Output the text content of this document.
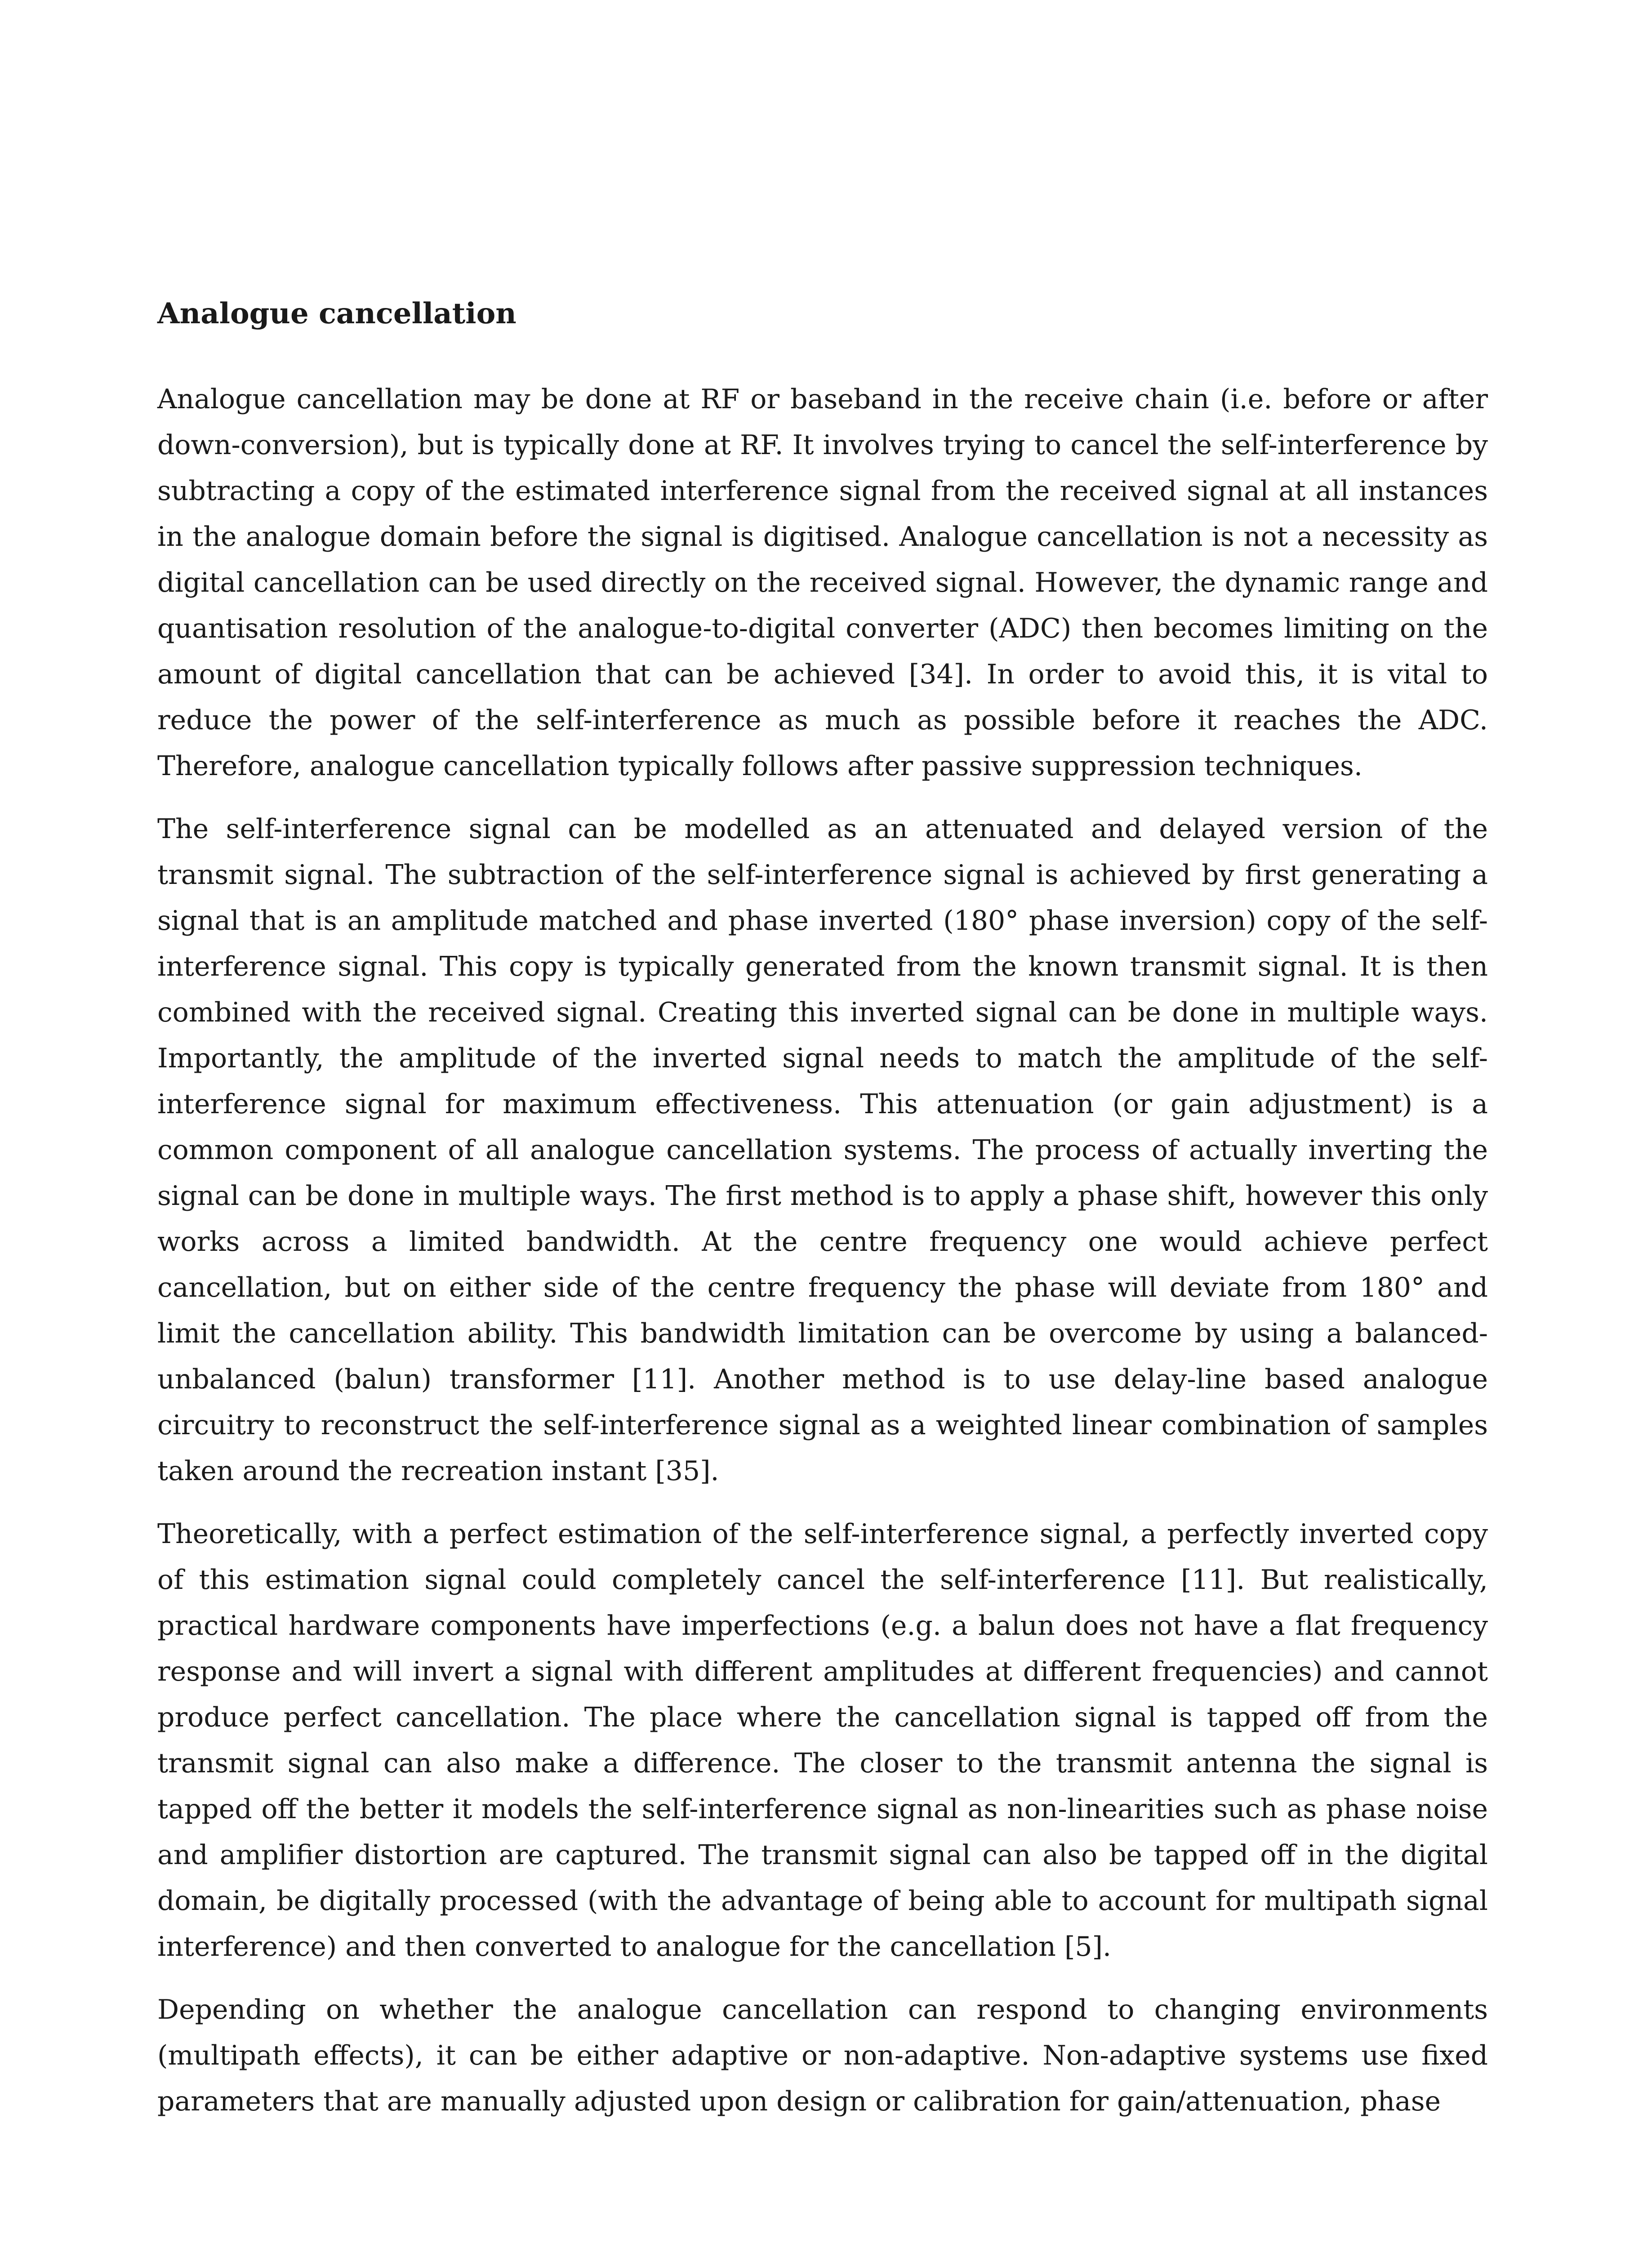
Analogue cancellation

Analogue cancellation may be done at RF or baseband in the receive chain (i.e. before or after down-conversion), but is typically done at RF. It involves trying to cancel the self-interference by subtracting a copy of the estimated interference signal from the received signal at all instances in the analogue domain before the signal is digitised. Analogue cancellation is not a necessity as digital cancellation can be used directly on the received signal. However, the dynamic range and quantisation resolution of the analogue-to-digital converter (ADC) then becomes limiting on the amount of digital cancellation that can be achieved [34]. In order to avoid this, it is vital to reduce the power of the self-interference as much as possible before it reaches the ADC. Therefore, analogue cancellation typically follows after passive suppression techniques.

The self-interference signal can be modelled as an attenuated and delayed version of the transmit signal. The subtraction of the self-interference signal is achieved by first generating a signal that is an amplitude matched and phase inverted (180° phase inversion) copy of the self-interference signal. This copy is typically generated from the known transmit signal. It is then combined with the received signal. Creating this inverted signal can be done in multiple ways. Importantly, the amplitude of the inverted signal needs to match the amplitude of the self-interference signal for maximum effectiveness. This attenuation (or gain adjustment) is a common component of all analogue cancellation systems. The process of actually inverting the signal can be done in multiple ways. The first method is to apply a phase shift, however this only works across a limited bandwidth. At the centre frequency one would achieve perfect cancellation, but on either side of the centre frequency the phase will deviate from 180° and limit the cancellation ability. This bandwidth limitation can be overcome by using a balanced-unbalanced (balun) transformer [11]. Another method is to use delay-line based analogue circuitry to reconstruct the self-interference signal as a weighted linear combination of samples taken around the recreation instant [35].

Theoretically, with a perfect estimation of the self-interference signal, a perfectly inverted copy of this estimation signal could completely cancel the self-interference [11]. But realistically, practical hardware components have imperfections (e.g. a balun does not have a flat frequency response and will invert a signal with different amplitudes at different frequencies) and cannot produce perfect cancellation. The place where the cancellation signal is tapped off from the transmit signal can also make a difference. The closer to the transmit antenna the signal is tapped off the better it models the self-interference signal as non-linearities such as phase noise and amplifier distortion are captured. The transmit signal can also be tapped off in the digital domain, be digitally processed (with the advantage of being able to account for multipath signal interference) and then converted to analogue for the cancellation [5].

Depending on whether the analogue cancellation can respond to changing environments (multipath effects), it can be either adaptive or non-adaptive. Non-adaptive systems use fixed parameters that are manually adjusted upon design or calibration for gain/attenuation, phase
